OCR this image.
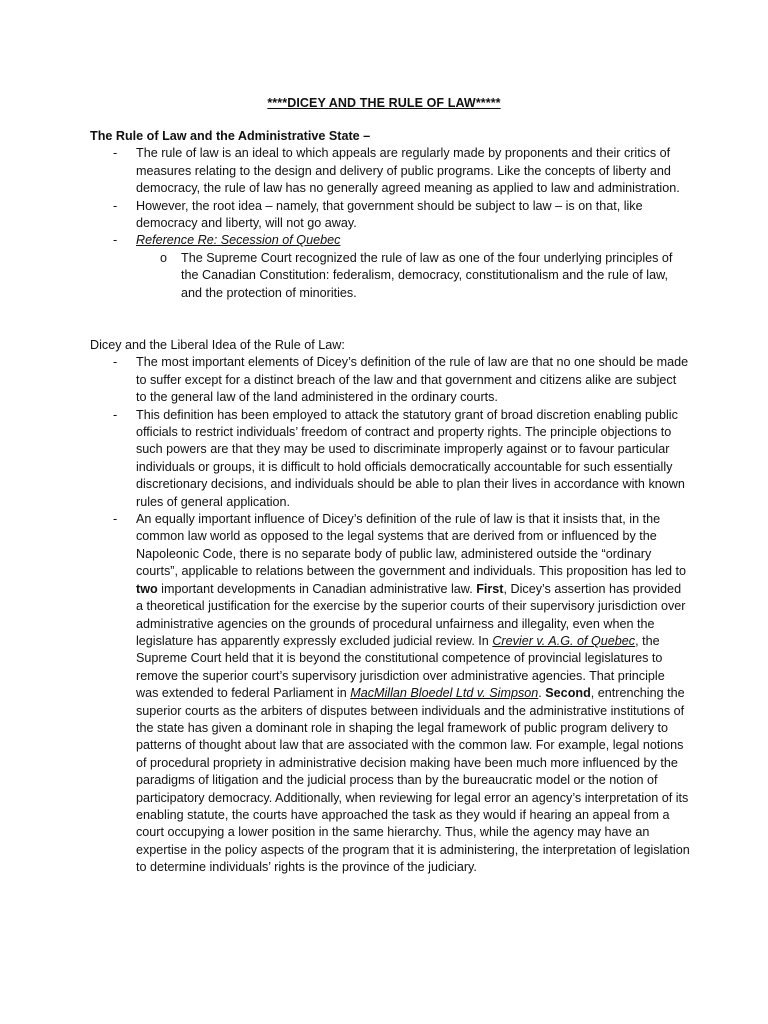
****DICEY AND THE RULE OF LAW*****

The Rule of Law and the Administrative State –

- The rule of law is an ideal to which appeals are regularly made by proponents and their critics of measures relating to the design and delivery of public programs. Like the concepts of liberty and democracy, the rule of law has no generally agreed meaning as applied to law and administration.
- However, the root idea – namely, that government should be subject to law – is on that, like democracy and liberty, will not go away.
- Reference Re: Secession of Quebec
o The Supreme Court recognized the rule of law as one of the four underlying principles of the Canadian Constitution: federalism, democracy, constitutionalism and the rule of law, and the protection of minorities.

Dicey and the Liberal Idea of the Rule of Law:

- The most important elements of Dicey’s definition of the rule of law are that no one should be made to suffer except for a distinct breach of the law and that government and citizens alike are subject to the general law of the land administered in the ordinary courts.
- This definition has been employed to attack the statutory grant of broad discretion enabling public officials to restrict individuals’ freedom of contract and property rights. The principle objections to such powers are that they may be used to discriminate improperly against or to favour particular individuals or groups, it is difficult to hold officials democratically accountable for such essentially discretionary decisions, and individuals should be able to plan their lives in accordance with known rules of general application.
- An equally important influence of Dicey’s definition of the rule of law is that it insists that, in the common law world as opposed to the legal systems that are derived from or influenced by the Napoleonic Code, there is no separate body of public law, administered outside the “ordinary courts”, applicable to relations between the government and individuals. This proposition has led to two important developments in Canadian administrative law. First, Dicey’s assertion has provided a theoretical justification for the exercise by the superior courts of their supervisory jurisdiction over administrative agencies on the grounds of procedural unfairness and illegality, even when the legislature has apparently expressly excluded judicial review. In Crevier v. A.G. of Quebec, the Supreme Court held that it is beyond the constitutional competence of provincial legislatures to remove the superior court’s supervisory jurisdiction over administrative agencies. That principle was extended to federal Parliament in MacMillan Bloedel Ltd v. Simpson. Second, entrenching the superior courts as the arbiters of disputes between individuals and the administrative institutions of the state has given a dominant role in shaping the legal framework of public program delivery to patterns of thought about law that are associated with the common law. For example, legal notions of procedural propriety in administrative decision making have been much more influenced by the paradigms of litigation and the judicial process than by the bureaucratic model or the notion of participatory democracy. Additionally, when reviewing for legal error an agency’s interpretation of its enabling statute, the courts have approached the task as they would if hearing an appeal from a court occupying a lower position in the same hierarchy. Thus, while the agency may have an expertise in the policy aspects of the program that it is administering, the interpretation of legislation to determine individuals’ rights is the province of the judiciary.
